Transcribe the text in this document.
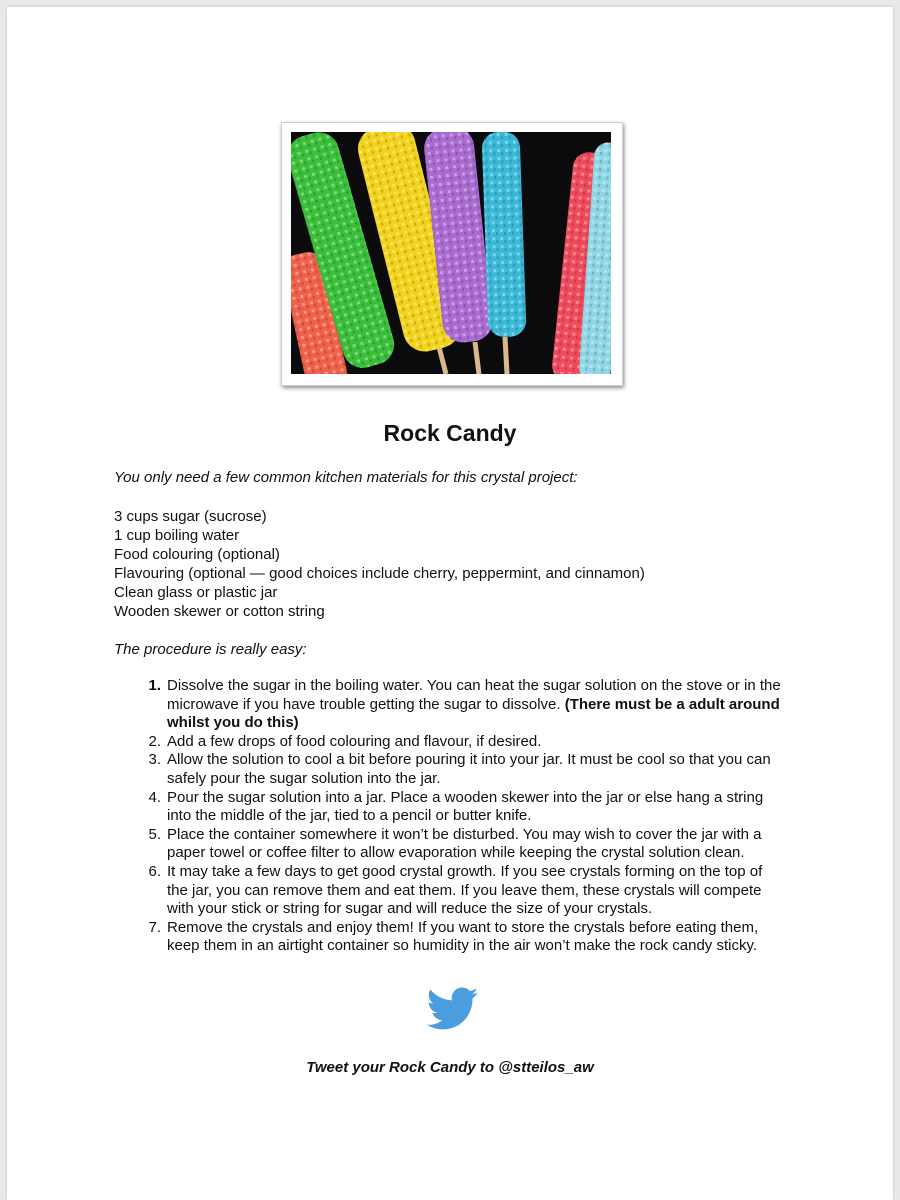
Rock Candy

You only need a few common kitchen materials for this crystal project:

3 cups sugar (sucrose)
1 cup boiling water
Food colouring (optional)
Flavouring (optional — good choices include cherry, peppermint, and cinnamon)
Clean glass or plastic jar
Wooden skewer or cotton string

The procedure is really easy:

1. Dissolve the sugar in the boiling water. You can heat the sugar solution on the stove or in the microwave if you have trouble getting the sugar to dissolve. (There must be a adult around whilst you do this)
2. Add a few drops of food colouring and flavour, if desired.
3. Allow the solution to cool a bit before pouring it into your jar. It must be cool so that you can safely pour the sugar solution into the jar.
4. Pour the sugar solution into a jar. Place a wooden skewer into the jar or else hang a string into the middle of the jar, tied to a pencil or butter knife.
5. Place the container somewhere it won’t be disturbed. You may wish to cover the jar with a paper towel or coffee filter to allow evaporation while keeping the crystal solution clean.
6. It may take a few days to get good crystal growth. If you see crystals forming on the top of the jar, you can remove them and eat them. If you leave them, these crystals will compete with your stick or string for sugar and will reduce the size of your crystals.
7. Remove the crystals and enjoy them! If you want to store the crystals before eating them, keep them in an airtight container so humidity in the air won’t make the rock candy sticky.

Tweet your Rock Candy to @stteilos_aw
